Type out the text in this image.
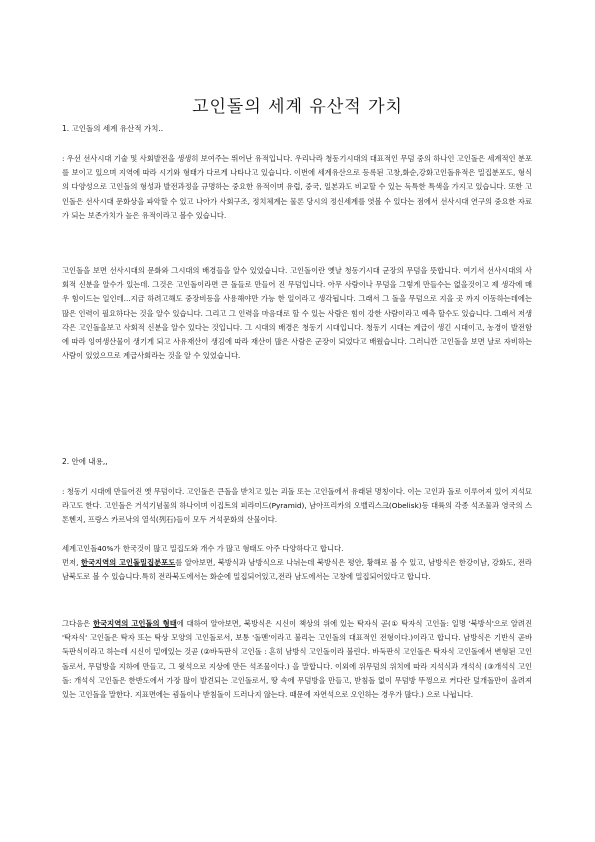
고인돌의 세계 유산적 가치
1. 고인돌의 세계 유산적 가치..
: 우선 선사시대 기술 및 사회발전을 생생히 보여주는 뛰어난 유적입니다. 우리나라 청동기시대의 대표적인 무덤 중의 하나인 고인돌은 세계적인 분포를 보이고 있으며 지역에 따라 시기와 형태가 다르게 나타나고 있습니다. 이번에 세계유산으로 등록된 고창,화순,강화고인돌유적은 밀집분포도, 형식의 다양성으로 고인돌의 형성과 발전과정을 규명하는 중요한 유적이며 유럽, 중국, 일본과도 비교할 수 있는 독특한 특색을 가지고 있습니다. 또한 고인돌은 선사시대 문화상을 파악할 수 있고 나아가 사회구조, 정치체계는 물론 당시의 정신세계를 엿볼 수 있다는 점에서 선사시대 연구의 중요한 자료가 되는 보존가치가 높은 유적이라고 볼수 있습니다.
고인돌을 보면 선사시대의 문화와 그시대의 배경들을 알수 있었습니다. 고인돌이란 옛날 청동기시대 군장의 무덤을 뜻합니다. 여기서 선사시대의 사회적 신분을 알수가 있는데. 그것은 고인돌이라면 큰 돌들로 만들어 진 무덤입니다. 아무 사람이나 무덤을 그렇게 만들수는 없을것이고 제 생각에 매우 힘이드는 일인데...지금 하려고해도 중장비등을 사용해야만 가능 한 일이라고 생각됩니다. 그래서 그 돌을 무덤으로 지을 곳 까지 이동하는데에는 많은 인력이 필요하다는 것을 알수 있습니다. 그리고 그 인력을 마음대로 할 수 있는 사람은 힘이 강한 사람이라고 예측 할수도 있습니다. 그래서 저생각은 고인돌을보고 사회적 신분을 알수 있다는 것입니다. 그 시대의 배경은 청동기 시대입니다. 청동기 시대는 계급이 생긴 시대이고, 농경이 발전함에 따라 잉여생산물이 생기게 되고 사유재산이 생김에 따라 재산이 많은 사람은 군장이 되었다고 배웠습니다. 그러니깐 고인돌을 보면 날로 자비하는 사람이 있었으므로 계급사회라는 것을 알 수 있었습니다.
2. 안에 내용,,
: 청동기 시대에 만들어진 옛 무덤이다. 고인돌은 큰돌을 받치고 있는 괴돌 또는 고인돌에서 유래된 명칭이다. 이는 고인과 돌로 이루어져 있어 지석묘라고도 한다. 고인돌은 거석기념물의 하나이며 이집트의 피라미드(Pyramid), 남아프리카의 오벨리스크(Obelisk)등 대륙의 각종 석조물과 영국의 스톤헨지, 프랑스 카르낙의 열석(列石)들이 모두 거석문화의 산물이다.
세계고인돌40%가 한국것이 많고 밀집도와 개수 가 많고 형태도 아주 다양하다고 합니다.
먼저, 한국지역의 고인돌밀집분포도를 알아보면, 북방식과 남방식으로 나뉘는데 북방식은 평안, 황해로 볼 수 있고, 남방식은 한강이남, 강화도, 전라남북도로 볼 수 있습니다.특히 전라북도에서는 화순에 밀집되어있고,전라 남도에서는 고창에 밀집되어있다고 합니다.
그다음은 한국지역의 고인돌의 형태에 대하여 알아보면, 북방식은 시신이 책상의 위에 있는 탁자식 곧(① 탁자식 고인돌: 일명 '북방식'으로 알려진 '탁자식' 고인돌은 탁자 또는 탁상 모양의 고인돌로서, 보통 '돌멘'이라고 불리는 고인돌의 대표적인 전형이다.)이라고 합니다. 남방식은 기반식 곧바둑판식이라고 하는데 시신이 밑에있는 것곧 (②바둑판식 고인돌 : 흔히 남방식 고인돌이라 불린다. 바둑판식 고인돌은 탁자식 고인돌에서 변형된 고인돌로서, 무덤방을 지하에 만들고, 그 윗석으로 지상에 만든 석조물이다.) 을 말합니다. 이외에 위무덤의 위치에 따라 지석식과 개석식 (③개석식 고인돌: 개석식 고인돌은 한반도에서 가장 많이 발견되는 고인돌로서, 땅 속에 무덤방을 만들고, 받침돌 없이 무덤방 뚜껑으로 커다란 덮개돌만이 올려져있는 고인돌을 말한다. 지표면에는 굄돌이나 받침돌이 드러나지 않는다. 때문에 자연석으로 오인하는 경우가 많다.) 으로 나뉩니다.
